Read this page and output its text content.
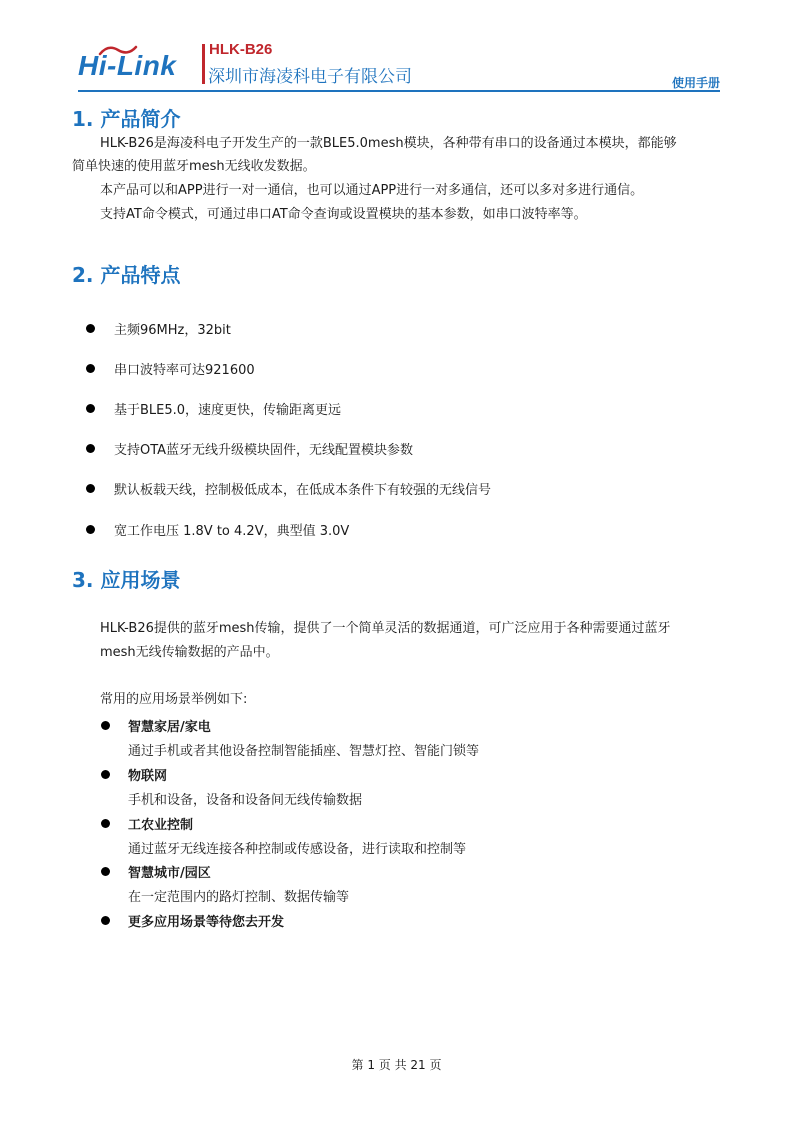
Hi-Link
HLK-B26
深圳市海凌科电子有限公司	使用手册
1. 产品简介
HLK-B26是海凌科电子开发生产的一款BLE5.0mesh模块，各种带有串口的设备通过本模块，都能够
简单快速的使用蓝牙mesh无线收发数据。
本产品可以和APP进行一对一通信，也可以通过APP进行一对多通信，还可以多对多进行通信。
支持AT命令模式，可通过串口AT命令查询或设置模块的基本参数，如串口波特率等。
2. 产品特点
主频96MHz，32bit
串口波特率可达921600
基于BLE5.0，速度更快，传输距离更远
支持OTA蓝牙无线升级模块固件，无线配置模块参数
默认板载天线，控制极低成本，在低成本条件下有较强的无线信号
宽工作电压 1.8V to 4.2V，典型值 3.0V
3. 应用场景
HLK-B26提供的蓝牙mesh传输，提供了一个简单灵活的数据通道，可广泛应用于各种需要通过蓝牙
mesh无线传输数据的产品中。
常用的应用场景举例如下:
智慧家居/家电
通过手机或者其他设备控制智能插座、智慧灯控、智能门锁等
物联网
手机和设备，设备和设备间无线传输数据
工农业控制
通过蓝牙无线连接各种控制或传感设备，进行读取和控制等
智慧城市/园区
在一定范围内的路灯控制、数据传输等
更多应用场景等待您去开发
第 1 页 共 21 页
